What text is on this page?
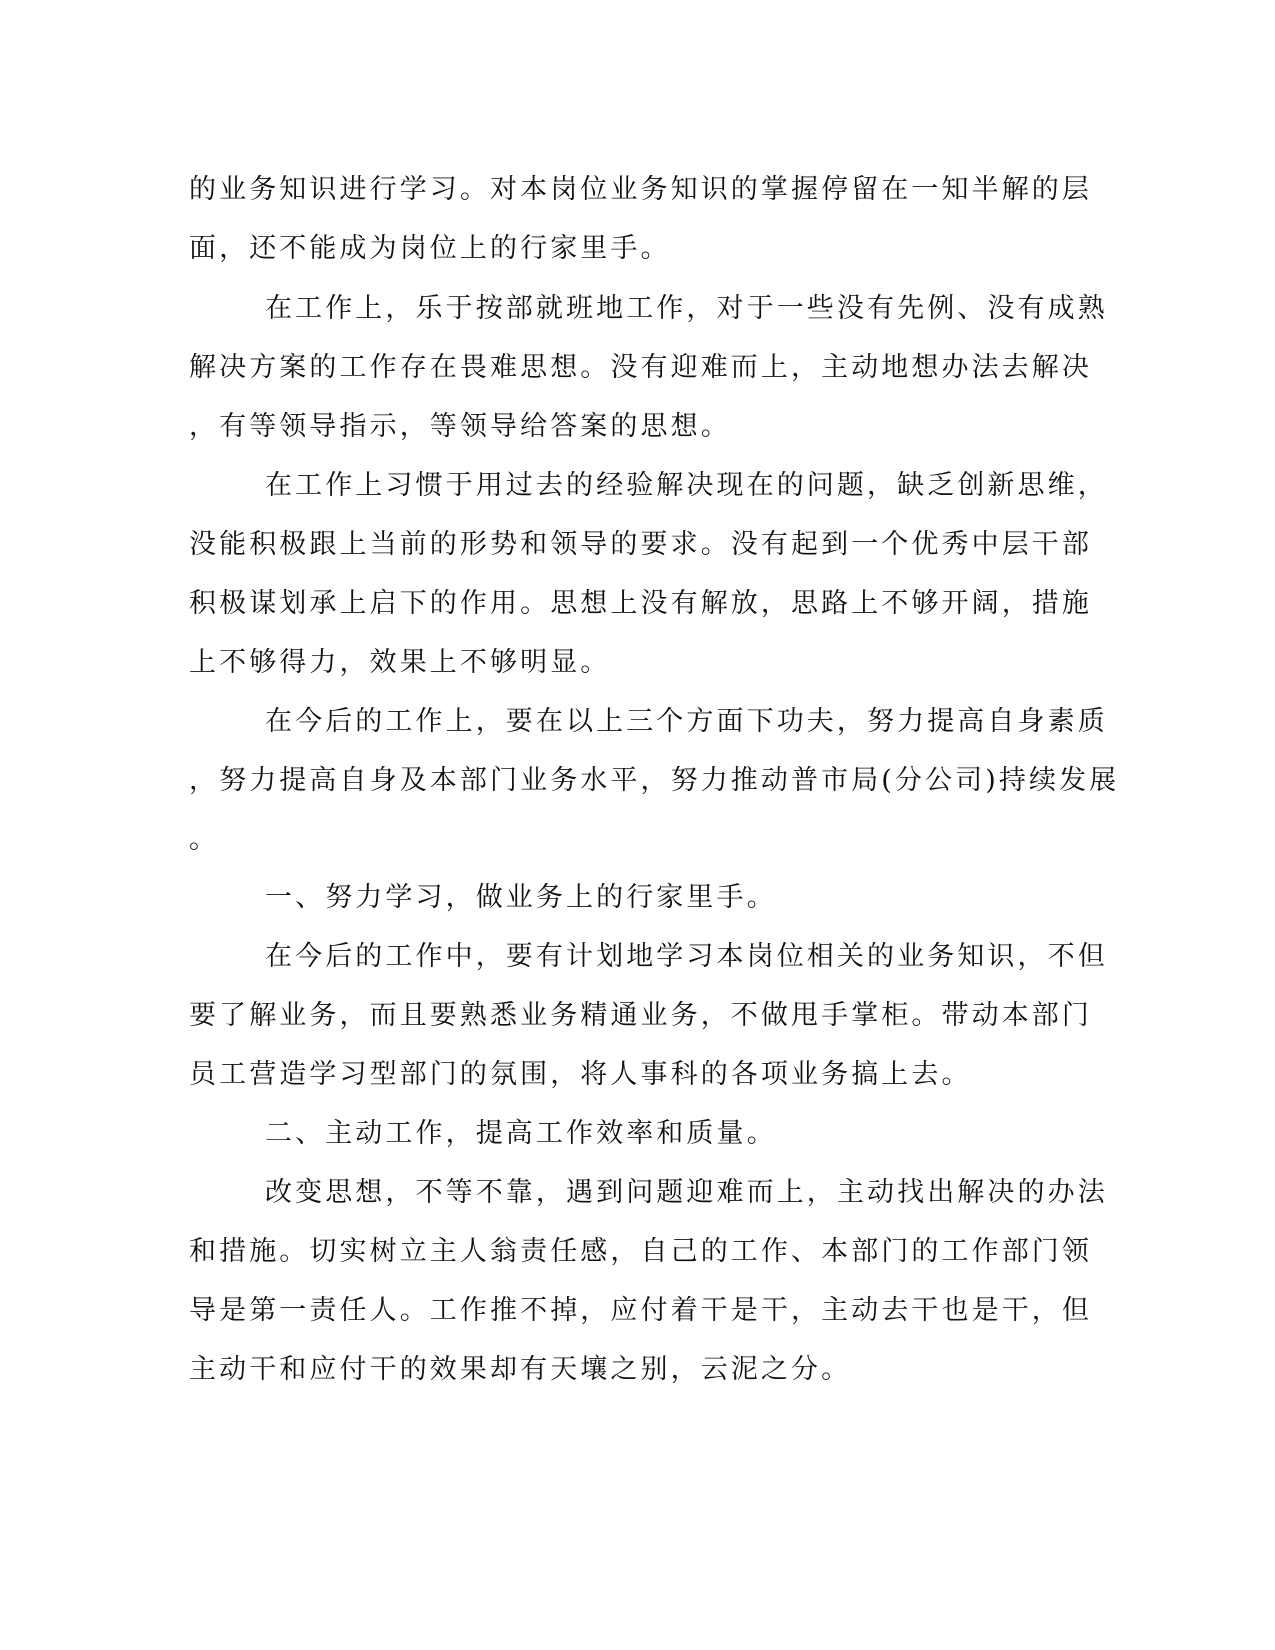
的业务知识进行学习。对本岗位业务知识的掌握停留在一知半解的层
面，还不能成为岗位上的行家里手。
在工作上，乐于按部就班地工作，对于一些没有先例、没有成熟
解决方案的工作存在畏难思想。没有迎难而上，主动地想办法去解决
，有等领导指示，等领导给答案的思想。
在工作上习惯于用过去的经验解决现在的问题，缺乏创新思维，
没能积极跟上当前的形势和领导的要求。没有起到一个优秀中层干部
积极谋划承上启下的作用。思想上没有解放，思路上不够开阔，措施
上不够得力，效果上不够明显。
在今后的工作上，要在以上三个方面下功夫，努力提高自身素质
，努力提高自身及本部门业务水平，努力推动普市局(分公司)持续发展
。
一、努力学习，做业务上的行家里手。
在今后的工作中，要有计划地学习本岗位相关的业务知识，不但
要了解业务，而且要熟悉业务精通业务，不做甩手掌柜。带动本部门
员工营造学习型部门的氛围，将人事科的各项业务搞上去。
二、主动工作，提高工作效率和质量。
改变思想，不等不靠，遇到问题迎难而上，主动找出解决的办法
和措施。切实树立主人翁责任感，自己的工作、本部门的工作部门领
导是第一责任人。工作推不掉，应付着干是干，主动去干也是干，但
主动干和应付干的效果却有天壤之别，云泥之分。
